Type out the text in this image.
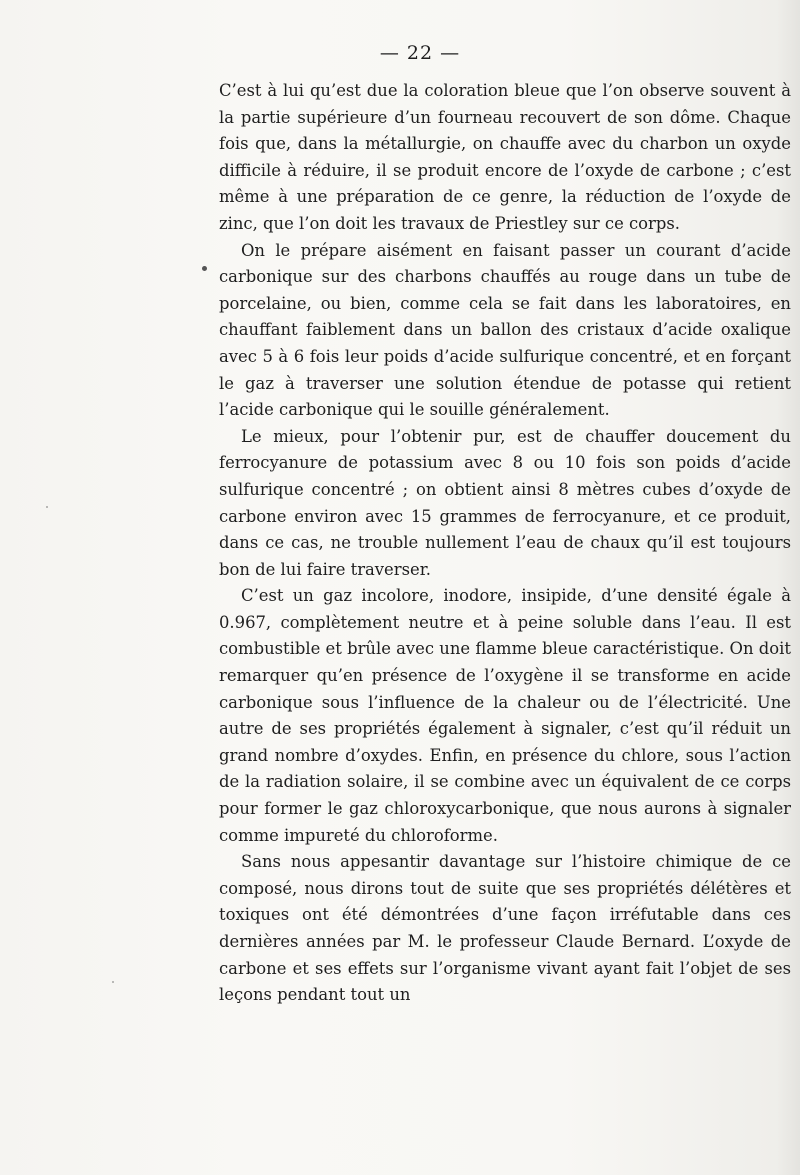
— 22 —

C’est à lui qu’est due la coloration bleue que l’on observe souvent à la partie supérieure d’un fourneau recouvert de son dôme. Chaque fois que, dans la métallurgie, on chauffe avec du charbon un oxyde difficile à réduire, il se produit encore de l’oxyde de carbone ; c’est même à une préparation de ce genre, la réduction de l’oxyde de zinc, que l’on doit les travaux de Priestley sur ce corps.

On le prépare aisément en faisant passer un courant d’acide carbonique sur des charbons chauffés au rouge dans un tube de porcelaine, ou bien, comme cela se fait dans les laboratoires, en chauffant faiblement dans un ballon des cristaux d’acide oxalique avec 5 à 6 fois leur poids d’acide sulfurique concentré, et en forçant le gaz à traverser une solution étendue de potasse qui retient l’acide carbonique qui le souille généralement.

Le mieux, pour l’obtenir pur, est de chauffer doucement du ferrocyanure de potassium avec 8 ou 10 fois son poids d’acide sulfurique concentré ; on obtient ainsi 8 mètres cubes d’oxyde de carbone environ avec 15 grammes de ferrocyanure, et ce produit, dans ce cas, ne trouble nullement l’eau de chaux qu’il est toujours bon de lui faire traverser.

C’est un gaz incolore, inodore, insipide, d’une densité égale à 0.967, complètement neutre et à peine soluble dans l’eau. Il est combustible et brûle avec une flamme bleue caractéristique. On doit remarquer qu’en présence de l’oxygène il se transforme en acide carbonique sous l’influence de la chaleur ou de l’électricité. Une autre de ses propriétés également à signaler, c’est qu’il réduit un grand nombre d’oxydes. Enfin, en présence du chlore, sous l’action de la radiation solaire, il se combine avec un équivalent de ce corps pour former le gaz chloroxycarbonique, que nous aurons à signaler comme impureté du chloroforme.

Sans nous appesantir davantage sur l’histoire chimique de ce composé, nous dirons tout de suite que ses propriétés délétères et toxiques ont été démontrées d’une façon irréfutable dans ces dernières années par M. le professeur Claude Bernard. L’oxyde de carbone et ses effets sur l’organisme vivant ayant fait l’objet de ses leçons pendant tout un
